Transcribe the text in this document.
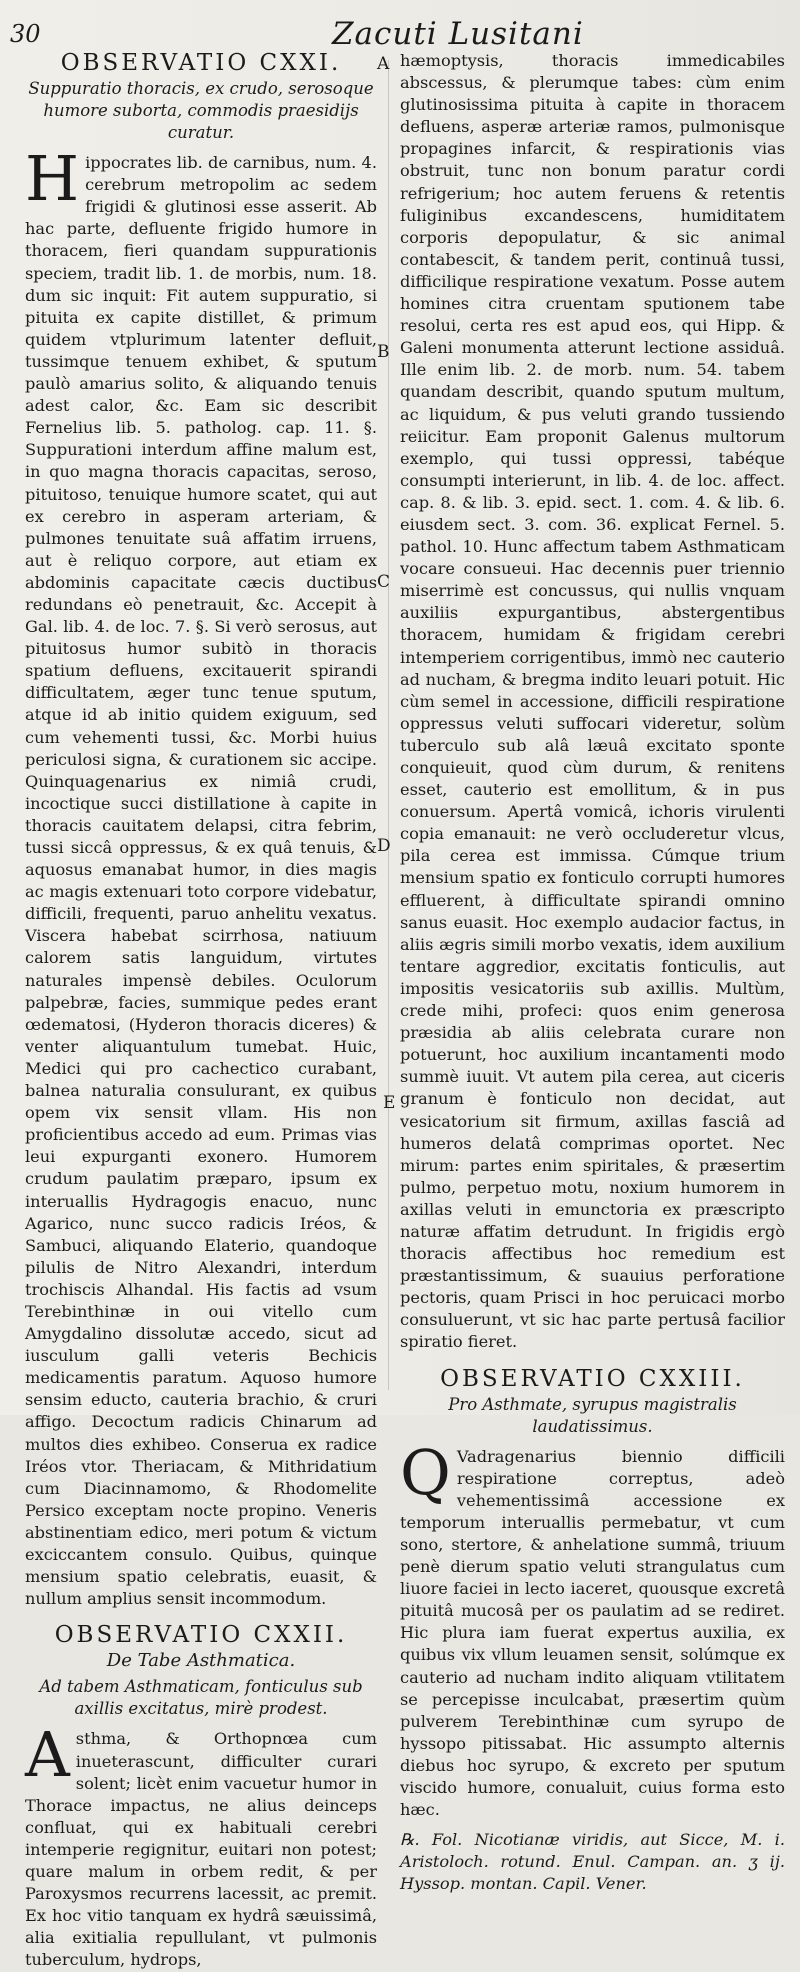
30	Zacuti Lusitani
A
B
C
D
E
OBSERVATIO CXXI.
Suppuratio thoracis, ex crudo, serosoque humore suborta, commodis praesidijs curatur.

Hippocrates lib. de carnibus, num. 4. cerebrum metropolim ac sedem frigidi & glutinosi esse asserit. Ab hac parte, defluente frigido humore in thoracem, fieri quandam suppurationis speciem, tradit lib. 1. de morbis, num. 18. dum sic inquit: Fit autem suppuratio, si pituita ex capite distillet, & primum quidem vtplurimum latenter defluit, tussimque tenuem exhibet, & sputum paulò amarius solito, & aliquando tenuis adest calor, &c. Eam sic describit Fernelius lib. 5. patholog. cap. 11. §. Suppurationi interdum affine malum est, in quo magna thoracis capacitas, seroso, pituitoso, tenuique humore scatet, qui aut ex cerebro in asperam arteriam, & pulmones tenuitate suâ affatim irruens, aut è reliquo corpore, aut etiam ex abdominis capacitate cæcis ductibus redundans eò penetrauit, &c. Accepit à Gal. lib. 4. de loc. 7. §. Si verò serosus, aut pituitosus humor subitò in thoracis spatium defluens, excitauerit spirandi difficultatem, æger tunc tenue sputum, atque id ab initio quidem exiguum, sed cum vehementi tussi, &c. Morbi huius periculosi signa, & curationem sic accipe. Quinquagenarius ex nimiâ crudi, incoctique succi distillatione à capite in thoracis cauitatem delapsi, citra febrim, tussi siccâ oppressus, & ex quâ tenuis, & aquosus emanabat humor, in dies magis ac magis extenuari toto corpore videbatur, difficili, frequenti, paruo anhelitu vexatus. Viscera habebat scirrhosa, natiuum calorem satis languidum, virtutes naturales impensè debiles. Oculorum palpebræ, facies, summique pedes erant œdematosi, (Hyderon thoracis diceres) & venter aliquantulum tumebat. Huic, Medici qui pro cachecticо curabant, balnea naturalia consulurant, ex quibus opem vix sensit vllam. His non proficientibus accedo ad eum. Primas vias leui expurganti exonero. Humorem crudum paulatim præparo, ipsum ex interuallis Hydragogis enacuo, nunc Agarico, nunc succo radicis Iréos, & Sambuci, aliquando Elaterio, quandoque pilulis de Nitro Alexandri, interdum trochiscis Alhandal. His factis ad vsum Terebinthinæ in oui vitello cum Amygdalino dissolutæ accedo, sicut ad iusculum galli veteris Bechicis medicamentis paratum. Aquoso humore sensim educto, cauteria brachio, & cruri affigo. Decoctum radicis Chinarum ad multos dies exhibeo. Conserua ex radice Iréos vtor. Theriacam, & Mithridatium cum Diacinnamomo, & Rhodomelite Persico exceptam nocte propino. Veneris abstinentiam edico, meri potum & victum exciccantem consulo. Quibus, quinque mensium spatio celebratis, euasit, & nullum amplius sensit incommodum.

OBSERVATIO CXXII.
De Tabe Asthmatica.
Ad tabem Asthmaticam, fonticulus sub axillis excitatus, mirè prodest.

Asthma, & Orthopnœa cum inueterascunt, difficulter curari solent; licèt enim vacuetur humor in Thorace impactus, ne alius deinceps confluat, qui ex habituali cerebri intemperie regignitur, euitari non potest; quare malum in orbem redit, & per Paroxysmos recurrens lacessit, ac premit. Ex hoc vitio tanquam ex hydrâ sæuissimâ, alia exitialia repullulant, vt pulmonis tuberculum, hydrops,

hæmoptysis, thoracis immedicabiles abscessus, & plerumque tabes: cùm enim glutinosissima pituita à capite in thoracem defluens, asperæ arteriæ ramos, pulmonisque propagines infarcit, & respirationis vias obstruit, tunc non bonum paratur cordi refrigerium; hoc autem feruens & retentis fuliginibus excandescens, humiditatem corporis depopulatur, & sic animal contabescit, & tandem perit, continuâ tussi, difficilique respiratione vexatum. Posse autem homines citra cruentam sputionem tabe resolui, certa res est apud eos, qui Hipp. & Galeni monumenta atterunt lectione assiduâ. Ille enim lib. 2. de morb. num. 54. tabem quandam describit, quando sputum multum, ac liquidum, & pus veluti grando tussiendo reiicitur. Eam proponit Galenus multorum exemplo, qui tussi oppressi, tabéque consumpti interierunt, in lib. 4. de loc. affect. cap. 8. & lib. 3. epid. sect. 1. com. 4. & lib. 6. eiusdem sect. 3. com. 36. explicat Fernel. 5. pathol. 10. Hunc affectum tabem Asthmaticam vocare consueui. Hac decennis puer triennio miserrimè est concussus, qui nullis vnquam auxiliis expurgantibus, abstergentibus thoracem, humidam & frigidam cerebri intemperiem corrigentibus, immò nec cauterio ad nucham, & bregma indito leuari potuit. Hic cùm semel in accessione, difficili respiratione oppressus veluti suffocari videretur, solùm tuberculo sub alâ læuâ excitato sponte conquieuit, quod cùm durum, & renitens esset, cauterio est emollitum, & in pus conuersum. Apertâ vomicâ, ichoris virulenti copia emanauit: ne verò occluderetur vlcus, pila cerea est immissa. Cúmque trium mensium spatio ex fonticulo corrupti humores effluerent, à difficultate spirandi omnino sanus euasit. Hoc exemplo audacior factus, in aliis ægris simili morbo vexatis, idem auxilium tentare aggredior, excitatis fonticulis, aut impositis vesicatoriis sub axillis. Multùm, crede mihi, profeci: quos enim generosa præsidia ab aliis celebrata curare non potuerunt, hoc auxilium incantamenti modo summè iuuit. Vt autem pila cerea, aut ciceris granum è fonticulo non decidat, aut vesicatorium sit firmum, axillas fasciâ ad humeros delatâ comprimas oportet. Nec mirum: partes enim spiritales, & præsertim pulmo, perpetuo motu, noxium humorem in axillas veluti in emunctoria ex præscripto naturæ affatim detrudunt. In frigidis ergò thoracis affectibus hoc remedium est præstantissimum, & suauius perforatione pectoris, quam Prisci in hoc peruicaci morbo consuluerunt, vt sic hac parte pertusâ facilior spiratio fieret.

OBSERVATIO CXXIII.
Pro Asthmate, syrupus magistralis laudatissimus.

Q Vadragenarius biennio difficili respiratione correptus, adeò vehementissimâ accessione ex temporum interuallis permebatur, vt cum sono, stertore, & anhelatione summâ, triuum penè dierum spatio veluti strangulatus cum liuore faciei in lecto iaceret, quousque excretâ pituitâ mucosâ per os paulatim ad se rediret. Hic plura iam fuerat expertus auxilia, ex quibus vix vllum leuamen sensit, solúmque ex cauterio ad nucham indito aliquam vtilitatem se percepisse inculcabat, præsertim quùm pulverem Terebinthinæ cum syrupo de hyssopo pitissabat. Hic assumpto alternis diebus hoc syrupo, & excreto per sputum viscido humore, conualuit, cuius forma esto hæc.

℞. Fol. Nicotianæ viridis, aut Sicce, M. i. Aristoloch. rotund. Enul. Campan. an. ʒ ij. Hyssop. montan. Capil. Vener.
